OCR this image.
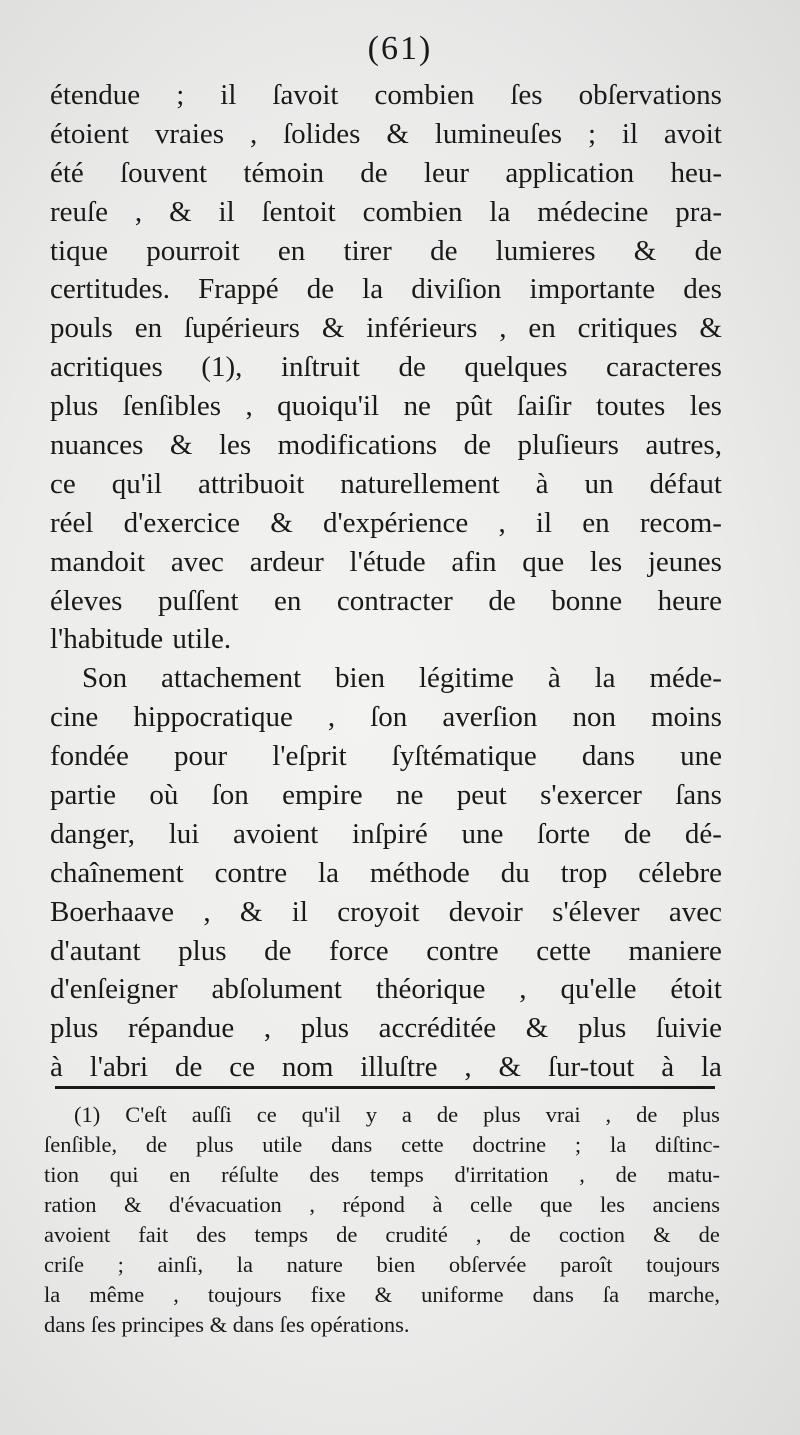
(61)
étendue ; il ſavoit combien ſes obſervations
étoient vraies , ſolides & lumineuſes ; il avoit
été ſouvent témoin de leur application heu-
reuſe , & il ſentoit combien la médecine pra-
tique pourroit en tirer de lumieres & de
certitudes. Frappé de la diviſion importante des
pouls en ſupérieurs & inférieurs , en critiques &
acritiques (1), inſtruit de quelques caracteres
plus ſenſibles , quoiqu'il ne pût ſaiſir toutes les
nuances & les modifications de pluſieurs autres,
ce qu'il attribuoit naturellement à un défaut
réel d'exercice & d'expérience , il en recom-
mandoit avec ardeur l'étude afin que les jeunes
éleves puſſent en contracter de bonne heure
l'habitude utile.
Son attachement bien légitime à la méde-
cine hippocratique , ſon averſion non moins
fondée pour l'eſprit ſyſtématique dans une
partie où ſon empire ne peut s'exercer ſans
danger, lui avoient inſpiré une ſorte de dé-
chaînement contre la méthode du trop célebre
Boerhaave , & il croyoit devoir s'élever avec
d'autant plus de force contre cette maniere
d'enſeigner abſolument théorique , qu'elle étoit
plus répandue , plus accréditée & plus ſuivie
à l'abri de ce nom illuſtre , & ſur-tout à la
(1) C'eſt auſſi ce qu'il y a de plus vrai , de plus
ſenſible, de plus utile dans cette doctrine ; la diſtinc-
tion qui en réſulte des temps d'irritation , de matu-
ration & d'évacuation , répond à celle que les anciens
avoient fait des temps de crudité , de coction & de
criſe ; ainſi, la nature bien obſervée paroît toujours
la même , toujours fixe & uniforme dans ſa marche,
dans ſes principes & dans ſes opérations.
